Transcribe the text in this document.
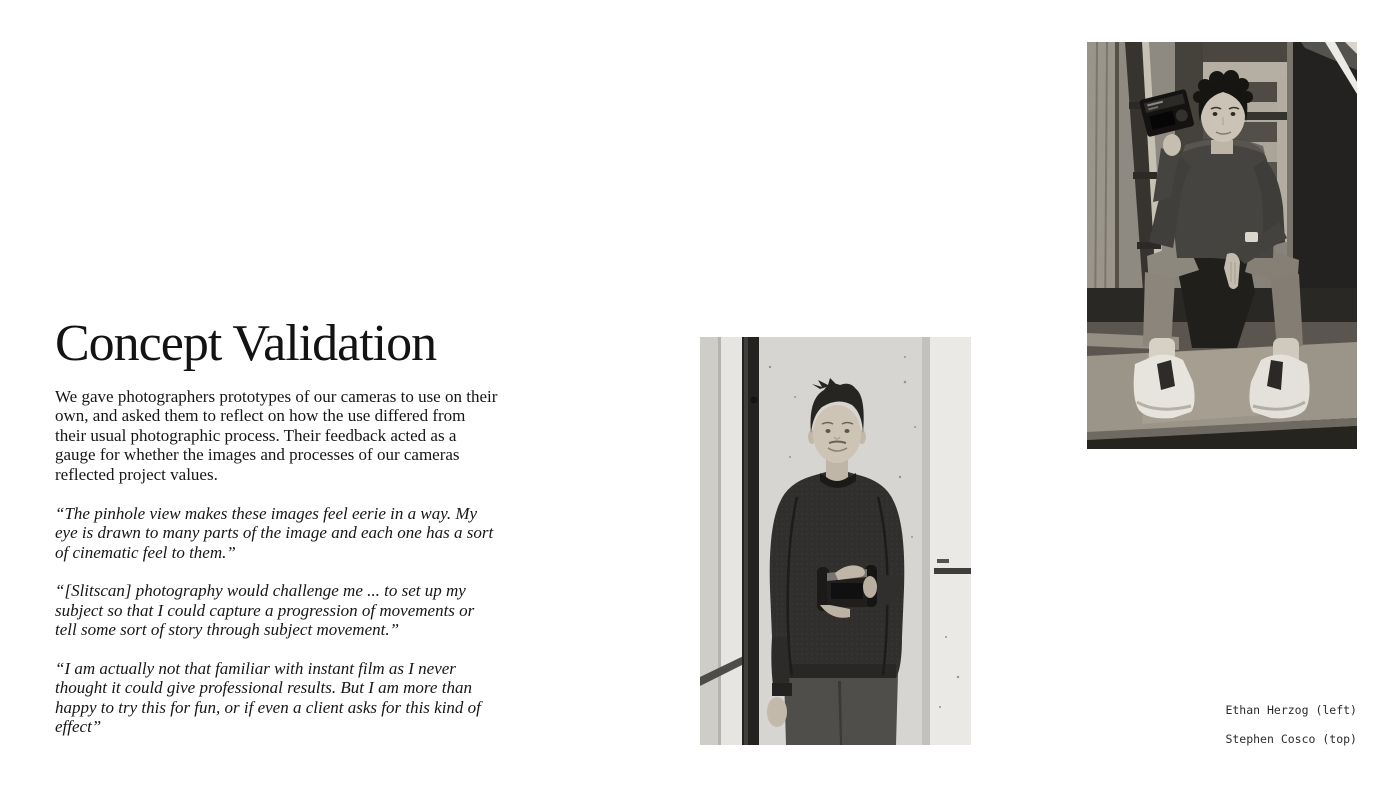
Concept Validation

We gave photographers prototypes of our cameras to use on their own, and asked them to reflect on how the use differed from their usual photographic process. Their feedback acted as a gauge for whether the images and processes of our cameras reflected project values.

“The pinhole view makes these images feel eerie in a way. My eye is drawn to many parts of the image and each one has a sort of cinematic feel to them.”

“[Slitscan] photography would challenge me ... to set up my subject so that I could capture a progression of movements or tell some sort of story through subject movement.”

“I am actually not that familiar with instant film as I never thought it could give professional results. But I am more than happy to try this for fun, or if even a client asks for this kind of effect”

Ethan Herzog (left)
Stephen Cosco (top)
